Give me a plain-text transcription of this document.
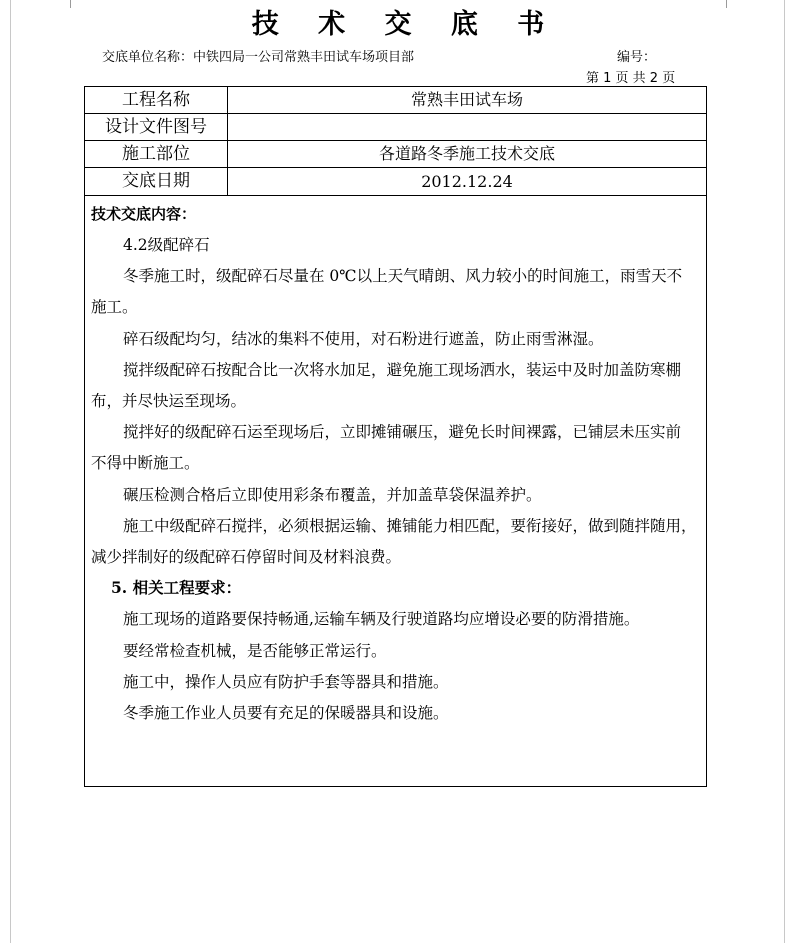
技 术 交 底 书
交底单位名称：中铁四局一公司常熟丰田试车场项目部	编号：
第 1 页 共 2 页
工程名称	常熟丰田试车场
设计文件图号
施工部位	各道路冬季施工技术交底
交底日期	2012.12.24
技术交底内容：
4.2级配碎石
冬季施工时，级配碎石尽量在 0℃以上天气晴朗、风力较小的时间施工，雨雪天不
施工。
碎石级配均匀，结冰的集料不使用，对石粉进行遮盖，防止雨雪淋湿。
搅拌级配碎石按配合比一次将水加足，避免施工现场洒水，装运中及时加盖防寒棚
布，并尽快运至现场。
搅拌好的级配碎石运至现场后，立即摊铺碾压，避免长时间裸露，已铺层未压实前
不得中断施工。
碾压检测合格后立即使用彩条布覆盖，并加盖草袋保温养护。
施工中级配碎石搅拌，必须根据运输、摊铺能力相匹配，要衔接好，做到随拌随用，
减少拌制好的级配碎石停留时间及材料浪费。
5. 相关工程要求：
施工现场的道路要保持畅通,运输车辆及行驶道路均应增设必要的防滑措施。
要经常检查机械，是否能够正常运行。
施工中，操作人员应有防护手套等器具和措施。
冬季施工作业人员要有充足的保暖器具和设施。
